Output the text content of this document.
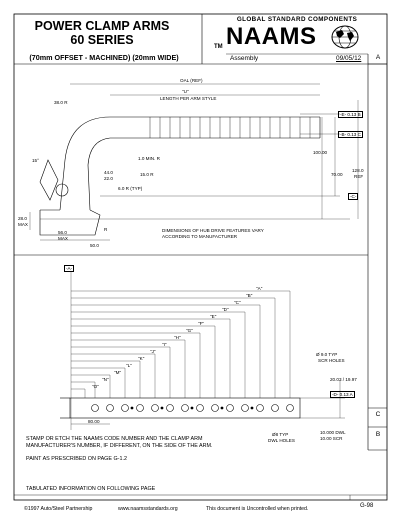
POWER CLAMP ARMS
60 SERIES
(70mm OFFSET - MACHINED) (20mm WIDE)
GLOBAL STANDARD COMPONENTS
NAAMS
TM
Assembly	09/05/12	A
OAL (REF)
"U"
LENGTH PER ARM STYLE
38.0 R
15°	1.0 MIN. R
44.0
22.0
15.0 R
6.0 R (TYP)
28.0
MAX
56.0
MAX
50.0
R
100.00
70.00
128.0
REF
-E- 0.13 B
-B- 0.13 C
-C-
DIMENSIONS OF HUB DRIVE FEATURES VARY
ACCORDING TO MANUFACTURER
-A-
"A"
"B"
"C"
"D"
"E"
"F"
"G"
"H"
"I"
"J"
"K"
"L"
"M"
"N"
"O"
Ø 9.0 TYP
SCR HOLES
20.03 / 19.97
-D- 0.13 A
80.00
Ø8 TYP
DWL HOLES
10.000 DWL
10.00 SCR
C
B
STAMP OR ETCH THE NAAMS CODE NUMBER AND THE CLAMP ARM
MANUFACTURER'S NUMBER, IF DIFFERENT, ON THE SIDE OF THE ARM.
PAINT AS PRESCRIBED ON PAGE G-1.2
TABULATED INFORMATION ON FOLLOWING PAGE
©1997 Auto/Steel Partnership	www.naamsstandards.org	This document is Uncontrolled when printed.	G-98
